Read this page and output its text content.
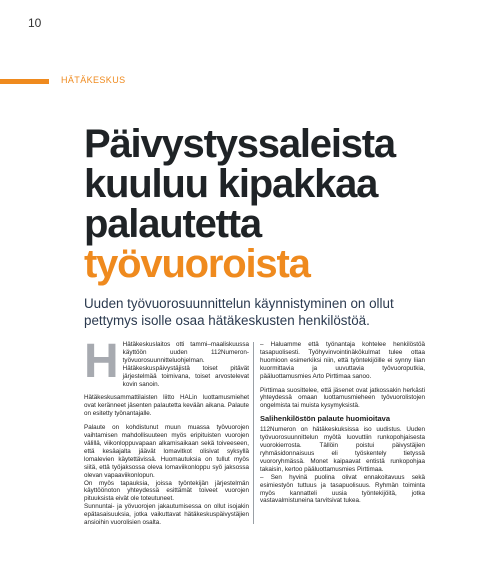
10
HÄTÄKESKUS
Päivystyssaleista
kuuluu kipakkaa
palautetta
työvuoroista

Uuden työvuorosuunnittelun käynnistyminen on ollut pettymys isolle osaa hätäkeskusten henkilöstöä.

H Hätäkeskuslaitos otti tammi–maaliskuussa käyttöön uuden 112Numeron-työvuorosuunnitteluohjelman. Hätäkeskuspäivystäjistä toiset pitävät järjestelmää toimivana, toiset arvostelevat kovin sanoin.

Hätäkeskusammattilaisten liitto HALin luottamusmiehet ovat keränneet jäsenten palautetta kevään aikana. Palaute on esitetty työnantajalle.

Palaute on kohdistunut muun muassa työvuorojen vaihtamisen mahdollisuuteen myös eripituisten vuorojen välillä, viikonloppuvapaan alkamisaikaan sekä toiveeseen, että kesäajalta jäävät lomavitkot olisivat syksyllä lomalevien käytettävissä. Huomautuksia on tullut myös siitä, että työjaksossa oleva lomaviikonloppu syö jaksossa olevan vapaaviikonlopun.

On myös tapauksia, joissa työntekijän järjestelmän käyttöönoton yhteydessä esittämät toiveet vuorojen pituuksista eivät ole toteutuneet.

Sunnuntai- ja yövuorojen jakautumisessa on ollut isojakin epätasaisuuksia, jotka vaikuttavat hätäkeskuspäivystäjien ansioihin vuorolisien osalta.

– Haluamme että työnantaja kohtelee henkilöstöä tasapuolisesti. Työhyvinvointinäkökulmat tulee ottaa huomioon esimerkiksi niin, että työntekijöille ei synny liian kuormittavia ja uuvuttavia työvuoroputkia, pääluottamusmies Arto Pirttimaa sanoo.

Pirttimaa suosittelee, että jäsenet ovat jatkossakin herkästi yhteydessä omaan luottamusmieheen työvuorolistojen ongelmista tai muista kysymyksistä.

Salihenkilöstön palaute huomioitava

112Numeron on hätäkeskuksissa iso uudistus. Uuden työvuorosuunnittelun myötä luovuttiin runkopohjaisesta vuorokierrosta. Tällöin poistui päivystäjien ryhmäsidonnaisuus eli työskentely tietyssä vuororyhmässä. Monet kaipaavat entistä runkopohjaa takaisin, kertoo pääluottamusmies Pirttimaa.

– Sen hyvinä puolina olivat ennakoitavuus sekä esimiestyön tuttuus ja tasapuolisuus. Ryhmän toiminta myös kannatteli uusia työntekijöitä, jotka vastavalmistuneina tarvitsivat tukea.
